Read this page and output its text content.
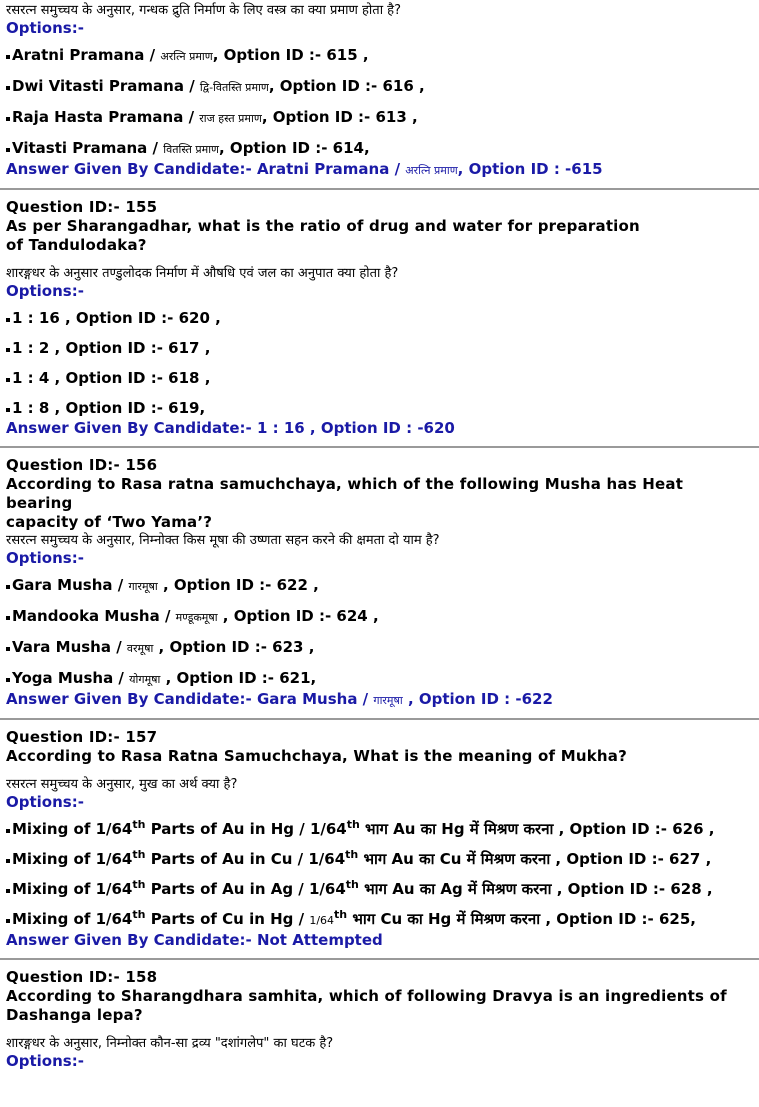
रसरत्न समुच्चय के अनुसार, गन्धक द्रुति निर्माण के लिए वस्त्र का क्या प्रमाण होता है?
Options:-
Aratni Pramana / अरत्नि प्रमाण, Option ID :- 615 ,
Dwi Vitasti Pramana / द्वि-वितस्ति प्रमाण, Option ID :- 616 ,
Raja Hasta Pramana / राज हस्त प्रमाण, Option ID :- 613 ,
Vitasti Pramana / वितस्ति प्रमाण, Option ID :- 614,
Answer Given By Candidate:- Aratni Pramana / अरत्नि प्रमाण, Option ID : -615
Question ID:- 155
As per Sharangadhar, what is the ratio of drug and water for preparation
of Tandulodaka?
शारङ्गधर के अनुसार तण्डुलोदक निर्माण में औषधि एवं जल का अनुपात क्या होता है?
Options:-
1 : 16 , Option ID :- 620 ,
1 : 2 , Option ID :- 617 ,
1 : 4 , Option ID :- 618 ,
1 : 8 , Option ID :- 619,
Answer Given By Candidate:- 1 : 16 , Option ID : -620
Question ID:- 156
According to Rasa ratna samuchchaya, which of the following Musha has Heat bearing
capacity of ‘Two Yama’?
रसरत्न समुच्चय के अनुसार, निम्नोक्त किस मूषा की उष्णता सहन करने की क्षमता दो याम है?
Options:-
Gara Musha / गारमूषा , Option ID :- 622 ,
Mandooka Musha / मण्डूकमूषा , Option ID :- 624 ,
Vara Musha / वरमूषा , Option ID :- 623 ,
Yoga Musha / योगमूषा , Option ID :- 621,
Answer Given By Candidate:- Gara Musha / गारमूषा , Option ID : -622
Question ID:- 157
According to Rasa Ratna Samuchchaya, What is the meaning of Mukha?
रसरत्न समुच्चय के अनुसार, मुख का अर्थ क्या है?
Options:-
Mixing of 1/64th Parts of Au in Hg / 1/64th भाग Au का Hg में मिश्रण करना , Option ID :- 626 ,
Mixing of 1/64th Parts of Au in Cu / 1/64th भाग Au का Cu में मिश्रण करना , Option ID :- 627 ,
Mixing of 1/64th Parts of Au in Ag / 1/64th भाग Au का Ag में मिश्रण करना , Option ID :- 628 ,
Mixing of 1/64th Parts of Cu in Hg / 1/64th भाग Cu का Hg में मिश्रण करना , Option ID :- 625,
Answer Given By Candidate:- Not Attempted
Question ID:- 158
According to Sharangdhara samhita, which of following Dravya is an ingredients of
Dashanga lepa?
शारङ्गधर के अनुसार, निम्नोक्त कौन-सा द्रव्य "दशांगलेप" का घटक है?
Options:-
